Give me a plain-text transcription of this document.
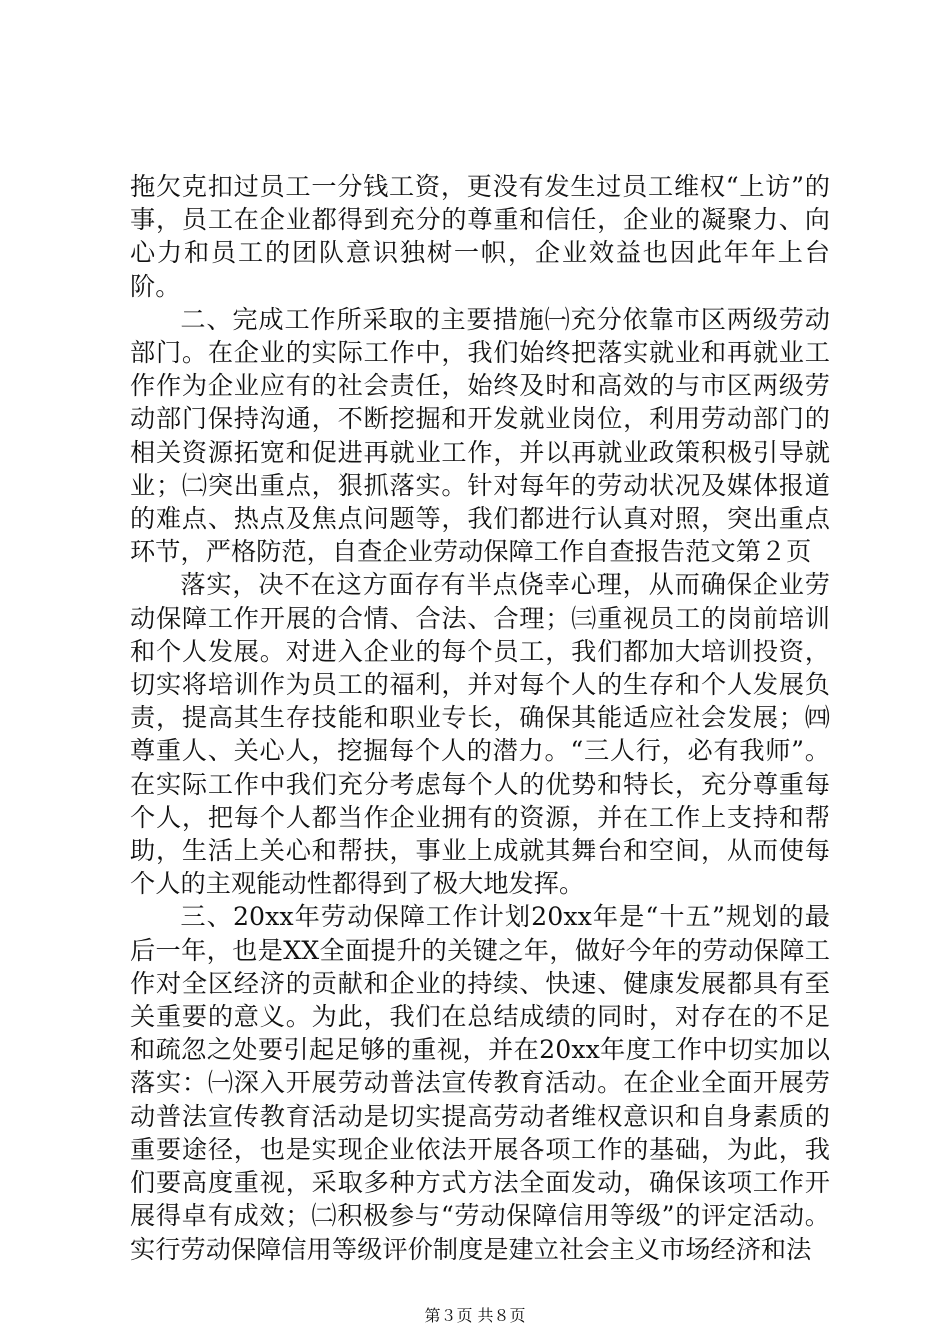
拖欠克扣过员工一分钱工资，更没有发生过员工维权“上访”的事，员工在企业都得到充分的尊重和信任，企业的凝聚力、向心力和员工的团队意识独树一帜，企业效益也因此年年上台阶。

二、完成工作所采取的主要措施㈠充分依靠市区两级劳动部门。在企业的实际工作中，我们始终把落实就业和再就业工作作为企业应有的社会责任，始终及时和高效的与市区两级劳动部门保持沟通，不断挖掘和开发就业岗位，利用劳动部门的相关资源拓宽和促进再就业工作，并以再就业政策积极引导就业；㈡突出重点，狠抓落实。针对每年的劳动状况及媒体报道的难点、热点及焦点问题等，我们都进行认真对照，突出重点环节，严格防范，自查企业劳动保障工作自查报告范文第２页

落实，决不在这方面存有半点侥幸心理，从而确保企业劳动保障工作开展的合情、合法、合理；㈢重视员工的岗前培训和个人发展。对进入企业的每个员工，我们都加大培训投资，切实将培训作为员工的福利，并对每个人的生存和个人发展负责，提高其生存技能和职业专长，确保其能适应社会发展；㈣尊重人、关心人，挖掘每个人的潜力。“三人行，必有我师”。在实际工作中我们充分考虑每个人的优势和特长，充分尊重每个人，把每个人都当作企业拥有的资源，并在工作上支持和帮助，生活上关心和帮扶，事业上成就其舞台和空间，从而使每个人的主观能动性都得到了极大地发挥。

三、20xx年劳动保障工作计划20xx年是“十五”规划的最后一年，也是XX全面提升的关键之年，做好今年的劳动保障工作对全区经济的贡献和企业的持续、快速、健康发展都具有至关重要的意义。为此，我们在总结成绩的同时，对存在的不足和疏忽之处要引起足够的重视，并在20xx年度工作中切实加以落实：㈠深入开展劳动普法宣传教育活动。在企业全面开展劳动普法宣传教育活动是切实提高劳动者维权意识和自身素质的重要途径，也是实现企业依法开展各项工作的基础，为此，我们要高度重视，采取多种方式方法全面发动，确保该项工作开展得卓有成效；㈡积极参与“劳动保障信用等级”的评定活动。实行劳动保障信用等级评价制度是建立社会主义市场经济和法

第３页 共８页
